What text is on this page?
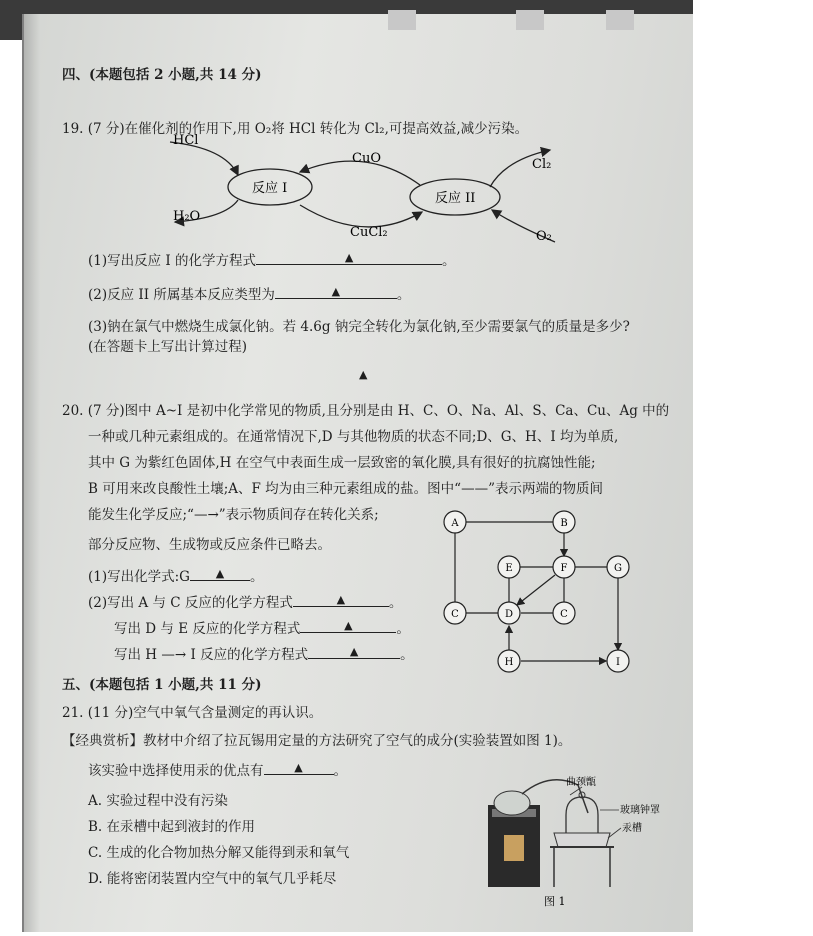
四、(本题包括 2 小题,共 14 分)
19. (7 分)在催化剂的作用下,用 O₂将 HCl 转化为 Cl₂,可提高效益,减少污染。
反应 I
反应 II
HCl
H₂O
CuO
CuCl₂
Cl₂
O₂
(1)写出反应 I 的化学方程式	▲	。
(2)反应 II 所属基本反应类型为	▲	。
(3)钠在氯气中燃烧生成氯化钠。若 4.6g 钠完全转化为氯化钠,至少需要氯气的质量是多少?
(在答题卡上写出计算过程)
▲
20. (7 分)图中 A~I 是初中化学常见的物质,且分别是由 H、C、O、Na、Al、S、Ca、Cu、Ag 中的
一种或几种元素组成的。在通常情况下,D 与其他物质的状态不同;D、G、H、I 均为单质,
其中 G 为紫红色固体,H 在空气中表面生成一层致密的氧化膜,具有很好的抗腐蚀性能;
B 可用来改良酸性土壤;A、F 均为由三种元素组成的盐。图中“——”表示两端的物质间
能发生化学反应;“—→”表示物质间存在转化关系;
部分反应物、生成物或反应条件已略去。
(1)写出化学式:G ▲ 。
(2)写出 A 与 C 反应的化学方程式	▲	。
写出 D 与 E 反应的化学方程式	▲	。
写出 H —→ I 反应的化学方程式	▲	。
A	B
E	F	G
C	D	C
H	I
五、(本题包括 1 小题,共 11 分)
21. (11 分)空气中氧气含量测定的再认识。
【经典赏析】教材中介绍了拉瓦锡用定量的方法研究了空气的成分(实验装置如图 1)。
该实验中选择使用汞的优点有	▲ 。
A. 实验过程中没有污染
B. 在汞槽中起到液封的作用
C. 生成的化合物加热分解又能得到汞和氧气
D. 能将密闭装置内空气中的氧气几乎耗尽
曲颈甑
玻璃钟罩
汞槽
图 1
